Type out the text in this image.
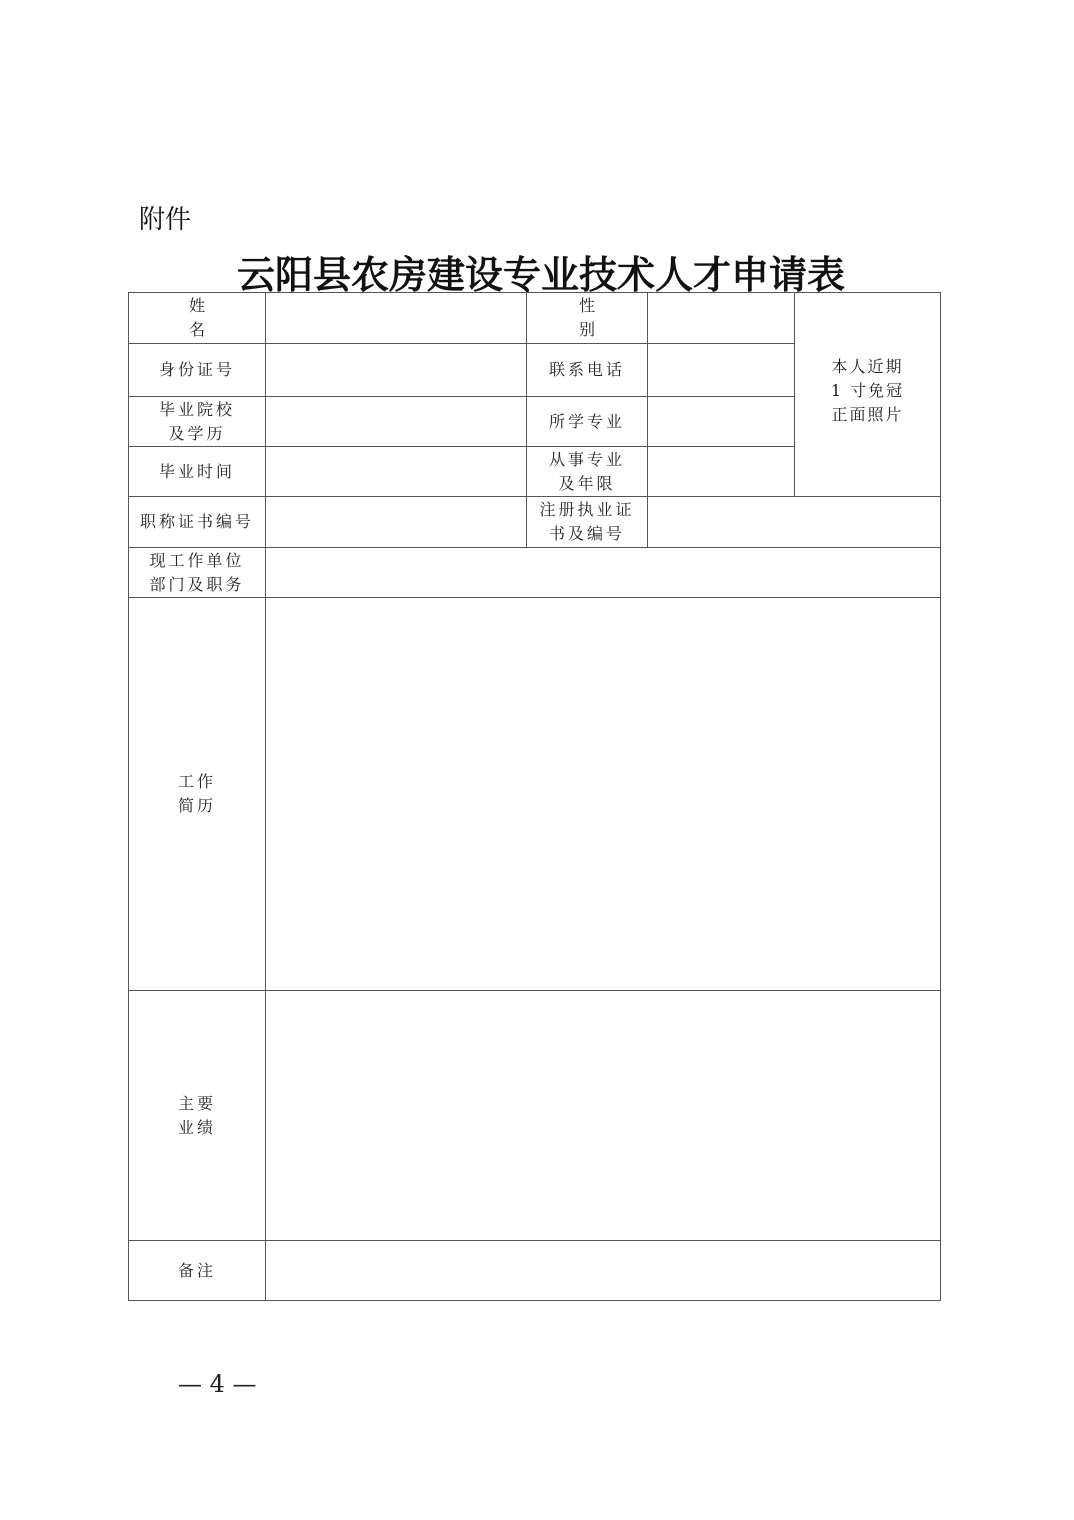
附件
云阳县农房建设专业技术人才申请表
姓名		性别		本人近期
1 寸免冠
正面照片
身份证号		联系电话		
毕业院校
及学历		所学专业		
毕业时间		从事专业
及年限		
职称证书编号		注册执业证
书及编号		
现工作单位
部门及职务				
工作
简历				
主要
业绩				
备注				
— 4 —
